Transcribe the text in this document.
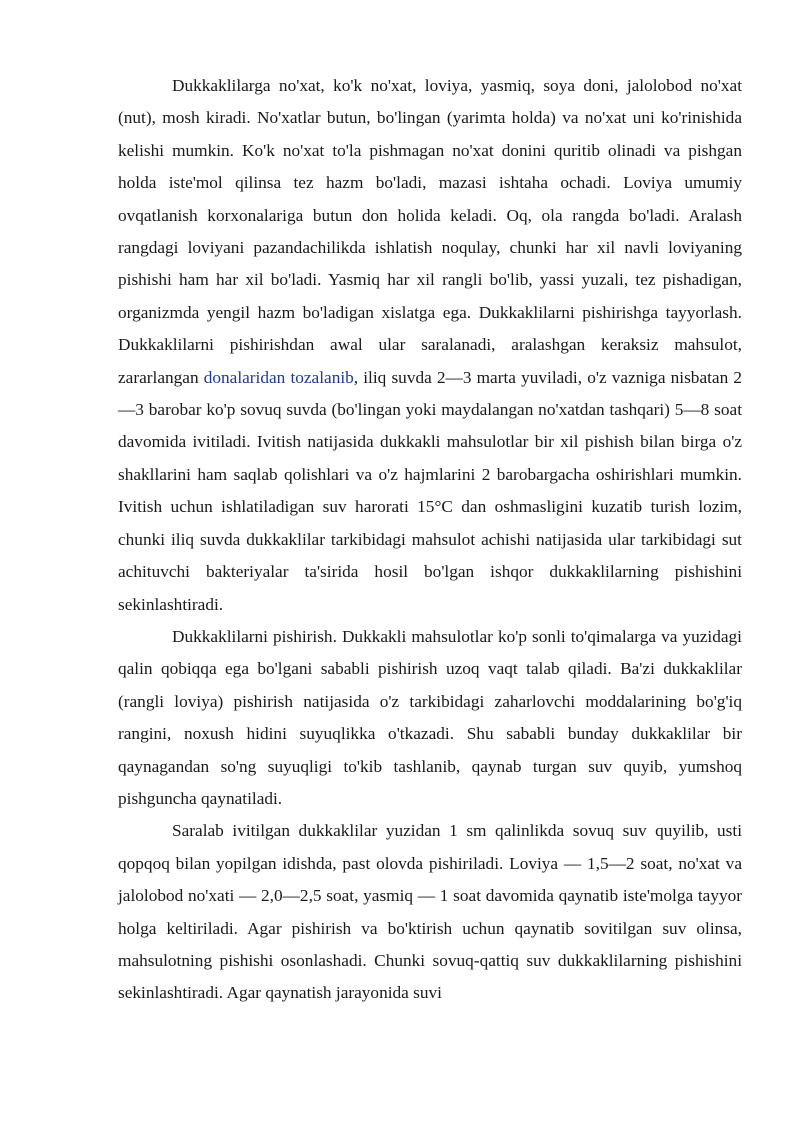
Dukkaklilarga no'xat, ko'k no'xat, loviya, yasmiq, soya doni, jalolobod no'xat (nut), mosh kiradi. No'xatlar butun, bo'lingan (yarimta holda) va no'xat uni ko'rinishida kelishi mumkin. Ko'k no'xat to'la pishmagan no'xat donini quritib olinadi va pishgan holda iste'mol qilinsa tez hazm bo'ladi, mazasi ishtaha ochadi. Loviya umumiy ovqatlanish korxonalariga butun don holida keladi. Oq, ola rangda bo'ladi. Aralash rangdagi loviyani pazandachilikda ishlatish noqulay, chunki har xil navli loviyaning pishishi ham har xil bo'ladi. Yasmiq har xil rangli bo'lib, yassi yuzali, tez pishadigan, organizmda yengil hazm bo'ladigan xislatga ega. Dukkaklilarni pishirishga tayyorlash. Dukkaklilarni pishirishdan awal ular saralanadi, aralashgan keraksiz mahsulot, zararlangan donalaridan tozalanib, iliq suvda 2—3 marta yuviladi, o'z vazniga nisbatan 2—3 barobar ko'p sovuq suvda (bo'lingan yoki maydalangan no'xatdan tashqari) 5—8 soat davomida ivitiladi. Ivitish natijasida dukkakli mahsulotlar bir xil pishish bilan birga o'z shakllarini ham saqlab qolishlari va o'z hajmlarini 2 barobargacha oshirishlari mumkin. Ivitish uchun ishlatiladigan suv harorati 15°C dan oshmasligini kuzatib turish lozim, chunki iliq suvda dukkaklilar tarkibidagi mahsulot achishi natijasida ular tarkibidagi sut achituvchi bakteriyalar ta'sirida hosil bo'lgan ishqor dukkaklilarning pishishini sekinlashtiradi.

Dukkaklilarni pishirish. Dukkakli mahsulotlar ko'p sonli to'qimalarga va yuzidagi qalin qobiqqa ega bo'lgani sababli pishirish uzoq vaqt talab qiladi. Ba'zi dukkaklilar (rangli loviya) pishirish natijasida o'z tarkibidagi zaharlovchi moddalarining bo'g'iq rangini, noxush hidini suyuqlikka o'tkazadi. Shu sababli bunday dukkaklilar bir qaynagandan so'ng suyuqligi to'kib tashlanib, qaynab turgan suv quyib, yumshoq pishguncha qaynatiladi.

Saralab ivitilgan dukkaklilar yuzidan 1 sm qalinlikda sovuq suv quyilib, usti qopqoq bilan yopilgan idishda, past olovda pishiriladi. Loviya — 1,5—2 soat, no'xat va jalolobod no'xati — 2,0—2,5 soat, yasmiq — 1 soat davomida qaynatib iste'molga tayyor holga keltiriladi. Agar pishirish va bo'ktirish uchun qaynatib sovitilgan suv olinsa, mahsulotning pishishi osonlashadi. Chunki sovuq-qattiq suv dukkaklilarning pishishini sekinlashtiradi. Agar qaynatish jarayonida suvi
